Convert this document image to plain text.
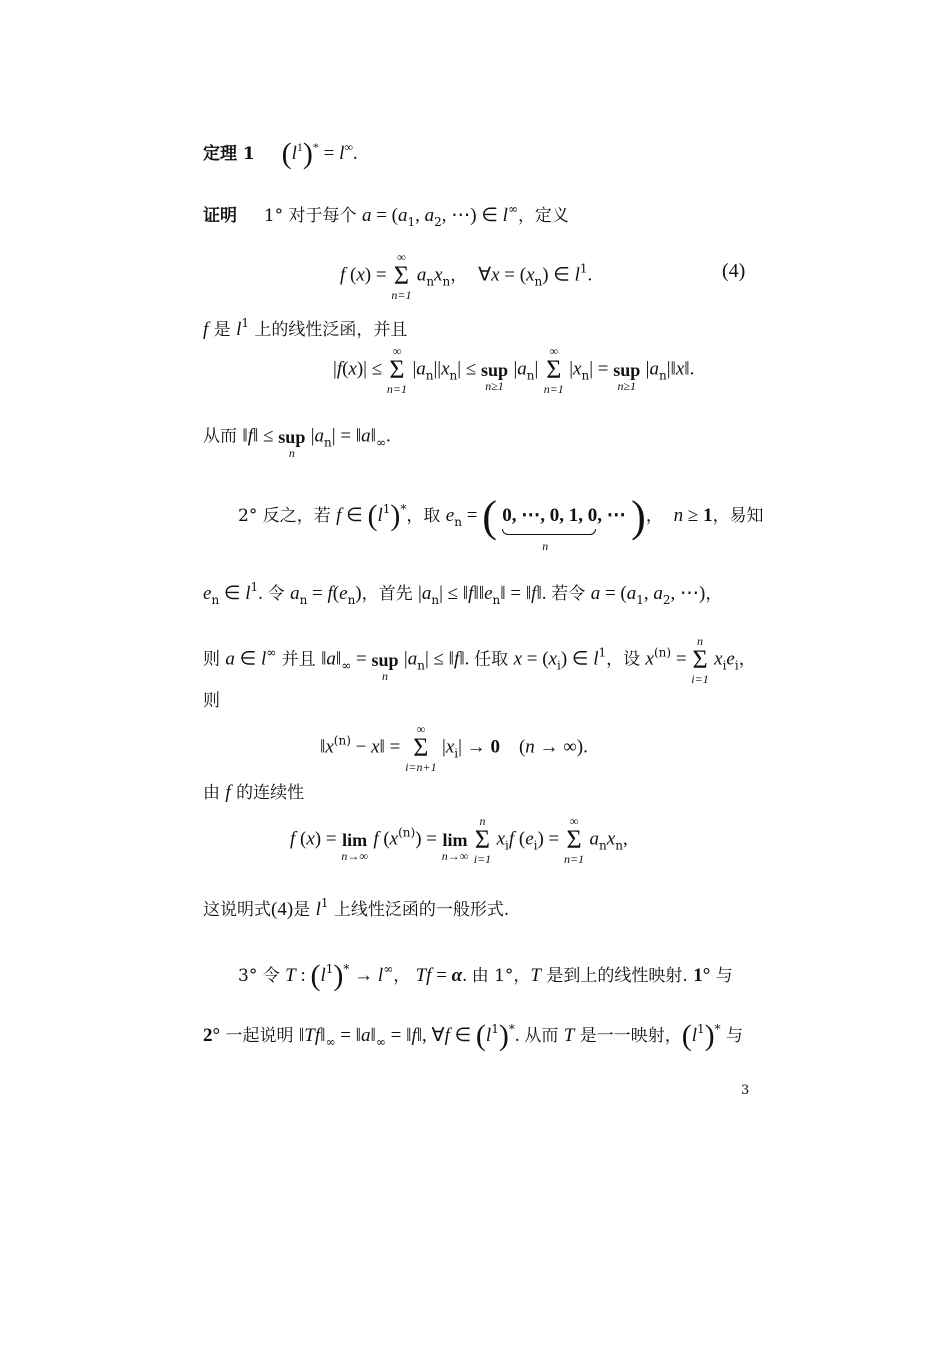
定理 1 $(l^1)^* = l^\infty$.
证明 1° 对于每个 $a = (a_1$, $a_2$, ⋯) ∈ l∞，定义
f (x) =
∞
Σ
n=1
$a_nx_n$，  ∀x = $(x_n)$ ∈ $l^1$.	(4)
f 是 $l^1$ 上的线性泛函，并且
|f(x)| ≤
∞
Σ
n=1
$|a_n||x_n|$ ≤
sup
n≥1
$|a_n|$
∞
Σ
n=1
$|x_n|$ =
sup
n≥1
$|a_n|‖x‖$.
从而 ‖f‖ ≤
sup
n
$|a_n|$ = $‖a‖_\infty$.
2° 反之，若 f ∈ $(l^1)^*$，取 $e_n$ = ( 0, ⋯, 0, 1, 0, ⋯
n
)，  n ≥ 1，易知
$e_n$ ∈ $l^1$. 令 $a_n = f(e_n)$，首先 $|a_n|$ ≤ $‖f‖‖e_n‖$ = ‖f‖. 若令 $a = (a_1$, $a_2$, ⋯)，
则 a ∈ l∞ 并且 $‖a‖_\infty$ =
sup
n
$|a_n|$ ≤ ‖f‖. 任取 $x = (x_i)$ ∈ $l^1$，设 $x^{(n)}$ =
n
Σ
i=1
$x_ie_i$，
则
$‖x^{(n)}$ − x‖ =
∞
Σ
i=n+1
$|x_i| \to 0$    (n → ∞).
由 f 的连续性
f (x) =
lim
n→∞
f $(x^{(n)})$ =
lim
n→∞

n
Σ
i=1
$x_if$ $(e_i)$ =
∞
Σ
n=1
$a_nx_n$,
这说明式(4)是 $l^1$ 上线性泛函的一般形式.
3° 令 T : $(l^1)^* \to l^\infty$， Tf = α. 由 1°，T 是到上的线性映射. 1° 与
2° 一起说明 $‖Tf‖_\infty$ = $‖a‖_\infty$ = ‖f‖, ∀f ∈ $(l^1)^*$. 从而 T 是一一映射，$(l^1)^*$ 与
3
